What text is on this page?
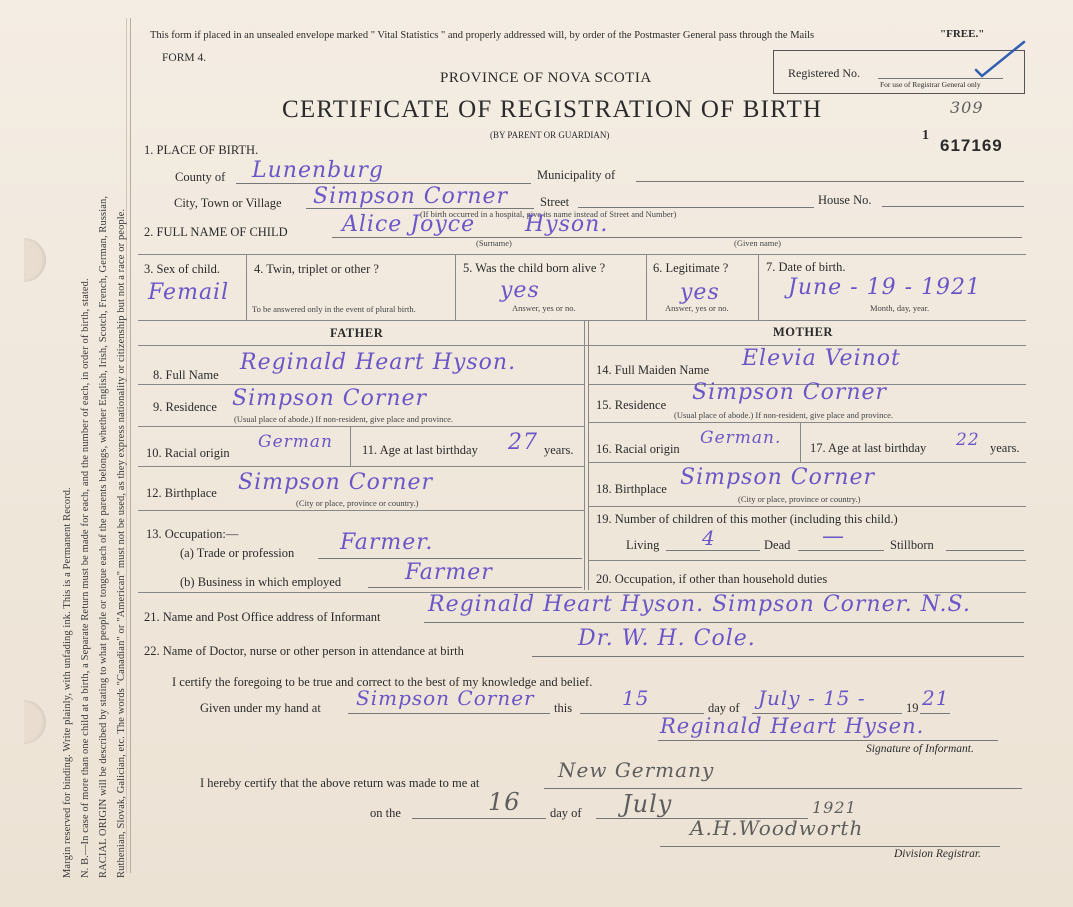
Margin reserved for binding. Write plainly, with unfading ink. This is a Permanent Record. N. B.—In case of more than one child at a birth, a Separate Return must be made for each, and the number of each, in order of birth, stated. RACIAL ORIGIN will be described by stating to what people or tongue each of the parents belongs, whether English, Irish, Scotch, French, German, Russian, Ruthenian, Slovak, Galician, etc. The words "Canadian" or "American" must not be used, as they express nationality or citizenship but not a race or people.
This form if placed in an unsealed envelope marked " Vital Statistics " and properly addressed will, by order of the Postmaster General pass through the Mails	"FREE."
FORM 4.
PROVINCE OF NOVA SCOTIA
CERTIFICATE OF REGISTRATION OF BIRTH
(BY PARENT OR GUARDIAN)
Registered No.
For use of Registrar General only
309
1
617169
1. PLACE OF BIRTH.
County of Lunenburg	Municipality of
City, Town or Village Simpson Corner	Street	House No.
(If birth occurred in a hospital, give its name instead of Street and Number)
2. FULL NAME OF CHILD Alice Joyce Hyson.
(Surname)	(Given name)
3. Sex of child.
Femail
4. Twin, triplet or other ?
To be answered only in the event of plural birth.
5. Was the child born alive ?
yes
Answer, yes or no.
6. Legitimate ?
yes
Answer, yes or no.
7. Date of birth.
June - 19 - 1921
Month, day, year.
FATHER	MOTHER
8. Full Name Reginald Heart Hyson.
9. Residence Simpson Corner
(Usual place of abode.) If non-resident, give place and province.
10. Racial origin
German 11. Age at last birthday 27 years.
12. Birthplace Simpson Corner
(City or place, province or country.)
13. Occupation:—
(a) Trade or profession Farmer.
(b) Business in which employed	Farmer
14. Full Maiden Name Elevia Veinot
15. Residence Simpson Corner
(Usual place of abode.) If non-resident, give place and province.
16. Racial origin
German. 17. Age at last birthday 22 years.
18. Birthplace Simpson Corner
(City or place, province or country.)
19. Number of children of this mother (including this child.)
Living 4	Dead —	Stillborn
20. Occupation, if other than household duties
21. Name and Post Office address of Informant Reginald Heart Hyson. Simpson Corner. N.S.
22. Name of Doctor, nurse or other person in attendance at birth	Dr. W. H. Cole.
I certify the foregoing to be true and correct to the best of my knowledge and belief.
Given under my hand at Simpson Corner this 15	day of July - 15 -	19 21
Reginald Heart Hysen.
Signature of Informant.
I hereby certify that the above return was made to me at
New Germany
on the	16 day of July	1921
A.H.Woodworth
Division Registrar.
